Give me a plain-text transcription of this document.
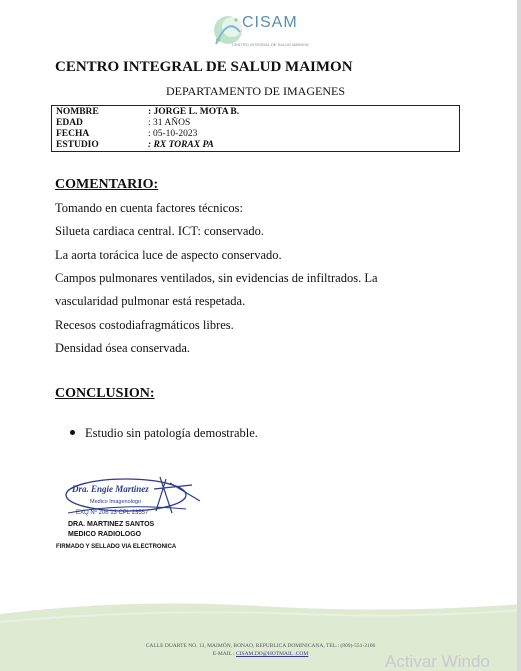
CISAM
CENTRO INTEGRAL DE SALUD MAIMON
CENTRO INTEGRAL DE SALUD MAIMON
DEPARTAMENTO DE IMAGENES
NOMBRE	: JORGE L. MOTA B.
EDAD	: 31 AÑOS
FECHA	: 05-10-2023
ESTUDIO	: RX TORAX PA
COMENTARIO:
Tomando en cuenta factores técnicos:
Silueta cardiaca central. ICT: conservado.
La aorta torácica luce de aspecto conservado.
Campos pulmonares ventilados, sin evidencias de infiltrados. La
vascularidad pulmonar está respetada.
Recesos costodiafragmáticos libres.
Densidad ósea conservada.
CONCLUSION:
Estudio sin patología demostrable.
Dra. Engie Martinez
Medico Imagenologo
EXQ Nº 206 13 CPL 23557
DRA. MARTINEZ SANTOS
MEDICO RADIOLOGO
FIRMADO Y SELLADO VIA ELECTRONICA
CALLE DUARTE NO. 13, MAIMÓN, BONAO, REPUBLICA DOMINICANA, TEL.: (809)-551-2106
E-MAIL : CISAM.DO@HOTMAIL .COM	Activar Windo
